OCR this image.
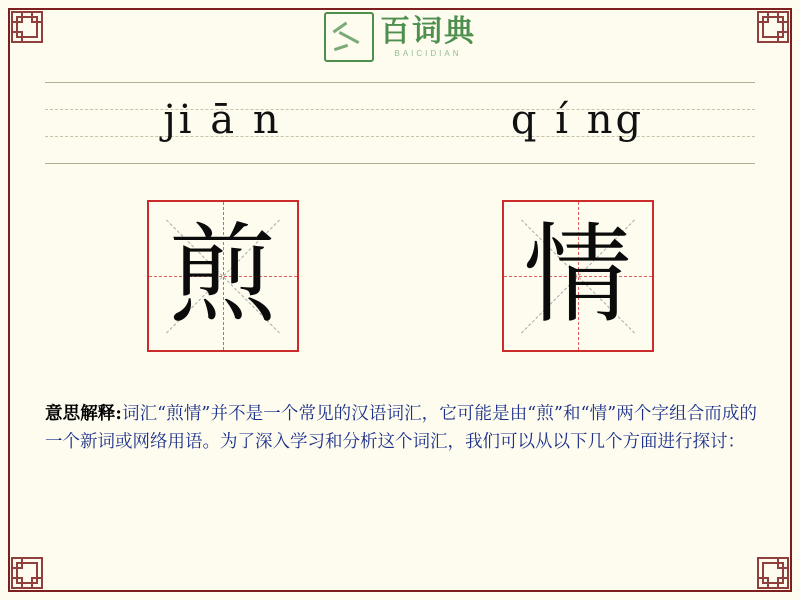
百词典
BAICIDIAN
ji ā n	q í ng
煎 情
意思解释:词汇“煎情”并不是一个常见的汉语词汇，它可能是由“煎”和“情”两个字组合而成的一个新词或网络用语。为了深入学习和分析这个词汇，我们可以从以下几个方面进行探讨：
